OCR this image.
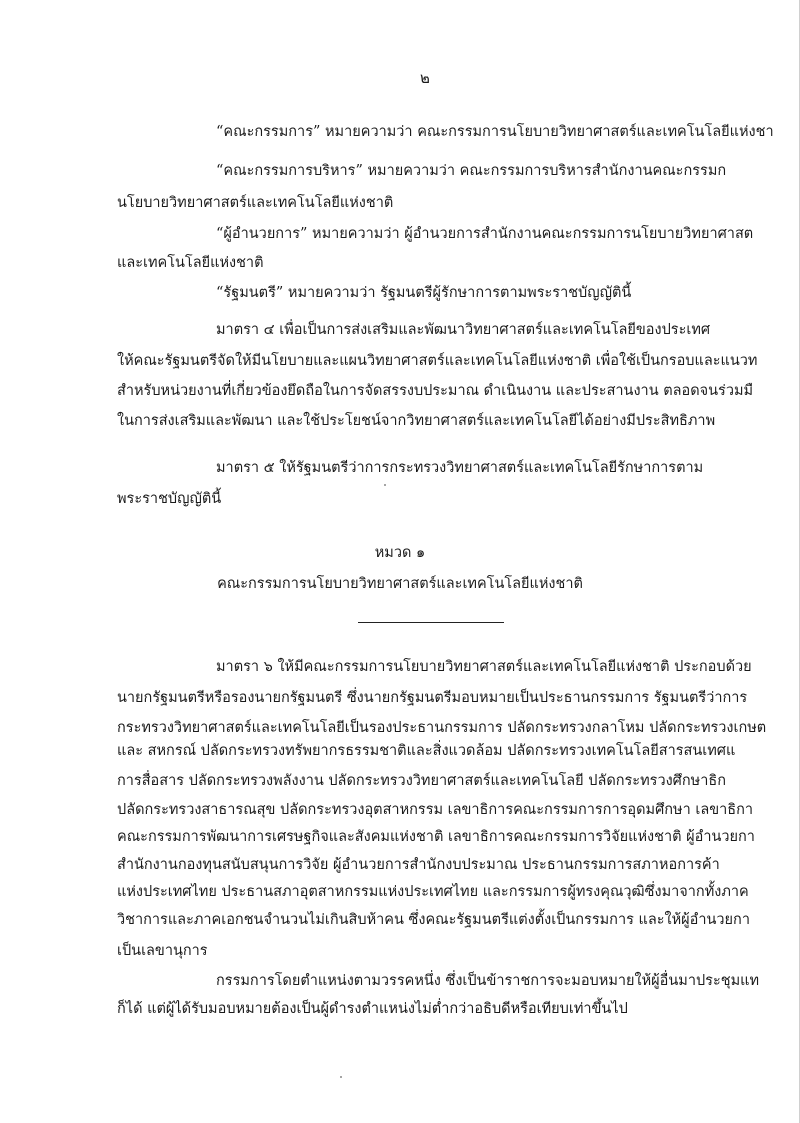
๒
“คณะกรรมการ” หมายความว่า คณะกรรมการนโยบายวิทยาศาสตร์และเทคโนโลยีแห่งชา
“คณะกรรมการบริหาร” หมายความว่า คณะกรรมการบริหารสำนักงานคณะกรรมก
นโยบายวิทยาศาสตร์และเทคโนโลยีแห่งชาติ
“ผู้อำนวยการ” หมายความว่า ผู้อำนวยการสำนักงานคณะกรรมการนโยบายวิทยาศาสต
และเทคโนโลยีแห่งชาติ
“รัฐมนตรี” หมายความว่า รัฐมนตรีผู้รักษาการตามพระราชบัญญัตินี้
มาตรา ๔ เพื่อเป็นการส่งเสริมและพัฒนาวิทยาศาสตร์และเทคโนโลยีของประเทศ
ให้คณะรัฐมนตรีจัดให้มีนโยบายและแผนวิทยาศาสตร์และเทคโนโลยีแห่งชาติ เพื่อใช้เป็นกรอบและแนวท
สำหรับหน่วยงานที่เกี่ยวข้องยึดถือในการจัดสรรงบประมาณ ดำเนินงาน และประสานงาน ตลอดจนร่วมมื
ในการส่งเสริมและพัฒนา และใช้ประโยชน์จากวิทยาศาสตร์และเทคโนโลยีได้อย่างมีประสิทธิภาพ
มาตรา ๕ ให้รัฐมนตรีว่าการกระทรวงวิทยาศาสตร์และเทคโนโลยีรักษาการตาม
พระราชบัญญัตินี้
หมวด ๑
คณะกรรมการนโยบายวิทยาศาสตร์และเทคโนโลยีแห่งชาติ
มาตรา ๖ ให้มีคณะกรรมการนโยบายวิทยาศาสตร์และเทคโนโลยีแห่งชาติ ประกอบด้วย
นายกรัฐมนตรีหรือรองนายกรัฐมนตรี ซึ่งนายกรัฐมนตรีมอบหมายเป็นประธานกรรมการ รัฐมนตรีว่าการ
กระทรวงวิทยาศาสตร์และเทคโนโลยีเป็นรองประธานกรรมการ ปลัดกระทรวงกลาโหม ปลัดกระทรวงเกษต
และ สหกรณ์ ปลัดกระทรวงทรัพยากรธรรมชาติและสิ่งแวดล้อม ปลัดกระทรวงเทคโนโลยีสารสนเทศแ
การสื่อสาร ปลัดกระทรวงพลังงาน ปลัดกระทรวงวิทยาศาสตร์และเทคโนโลยี ปลัดกระทรวงศึกษาธิก
ปลัดกระทรวงสาธารณสุข ปลัดกระทรวงอุตสาหกรรม เลขาธิการคณะกรรมการการอุดมศึกษา เลขาธิกา
คณะกรรมการพัฒนาการเศรษฐกิจและสังคมแห่งชาติ เลขาธิการคณะกรรมการวิจัยแห่งชาติ ผู้อำนวยกา
สำนักงานกองทุนสนับสนุนการวิจัย ผู้อำนวยการสำนักงบประมาณ ประธานกรรมการสภาหอการค้า
แห่งประเทศไทย ประธานสภาอุตสาหกรรมแห่งประเทศไทย และกรรมการผู้ทรงคุณวุฒิซึ่งมาจากทั้งภาค
วิชาการและภาคเอกชนจำนวนไม่เกินสิบห้าคน ซึ่งคณะรัฐมนตรีแต่งตั้งเป็นกรรมการ และให้ผู้อำนวยกา
เป็นเลขานุการ
กรรมการโดยตำแหน่งตามวรรคหนึ่ง ซึ่งเป็นข้าราชการจะมอบหมายให้ผู้อื่นมาประชุมแท
ก็ได้ แต่ผู้ได้รับมอบหมายต้องเป็นผู้ดำรงตำแหน่งไม่ต่ำกว่าอธิบดีหรือเทียบเท่าขึ้นไป
